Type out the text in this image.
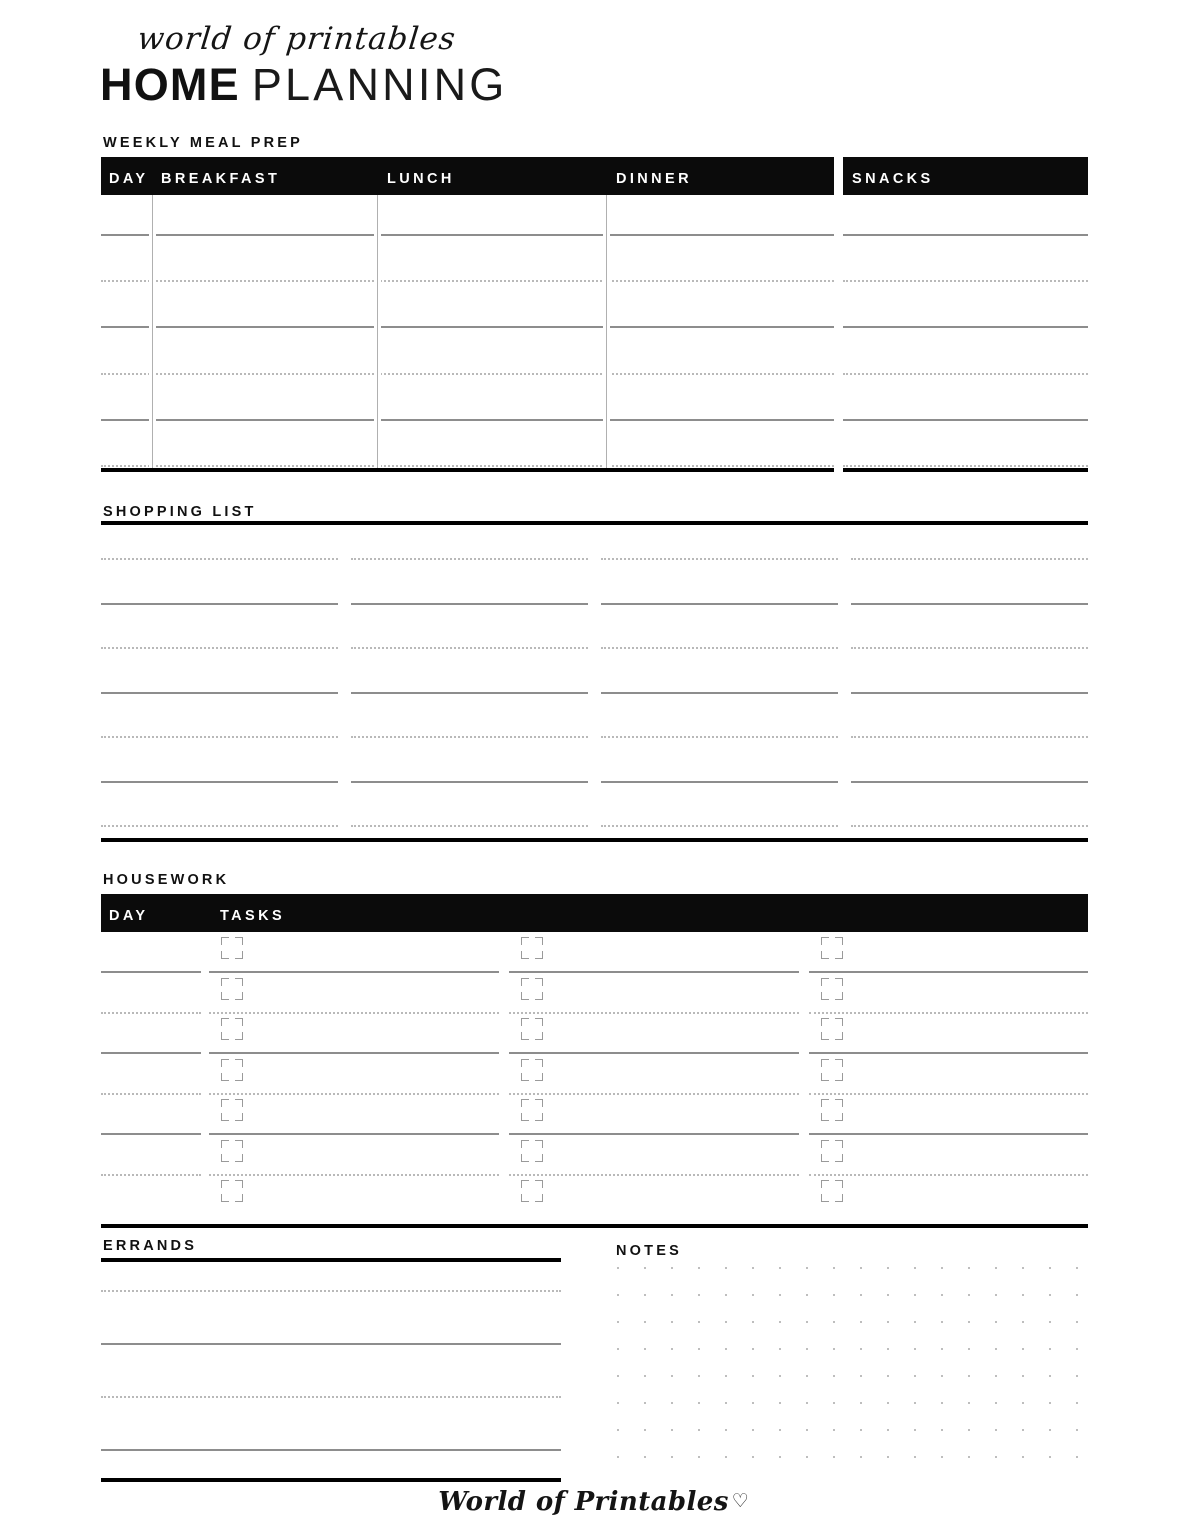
world of printables
HOME PLANNING
WEEKLY MEAL PREP
DAY BREAKFAST	LUNCH	DINNER	SNACKS
SHOPPING LIST
HOUSEWORK
DAY	TASKS
ERRANDS	NOTES
World of Printables ♡
